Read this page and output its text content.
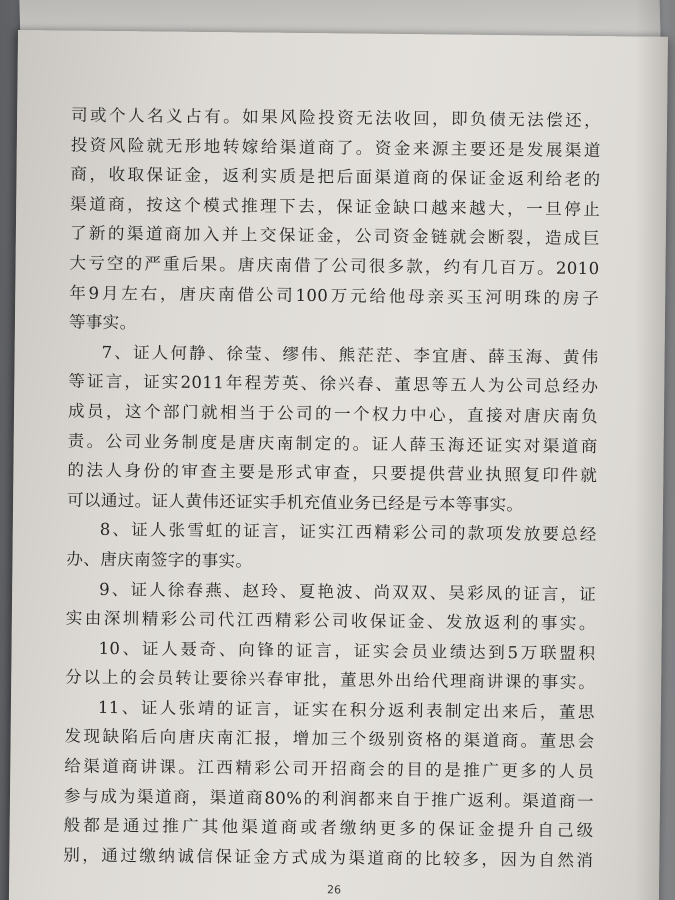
司或个人名义占有。如果风险投资无法收回，即负债无法偿还，
投资风险就无形地转嫁给渠道商了。资金来源主要还是发展渠道
商，收取保证金，返利实质是把后面渠道商的保证金返利给老的
渠道商，按这个模式推理下去，保证金缺口越来越大，一旦停止
了新的渠道商加入并上交保证金，公司资金链就会断裂，造成巨
大亏空的严重后果。唐庆南借了公司很多款，约有几百万。2010
年9月左右，唐庆南借公司100万元给他母亲买玉河明珠的房子
等事实。
7、证人何静、徐莹、缪伟、熊茫茫、李宜唐、薛玉海、黄伟
等证言，证实2011年程芳英、徐兴春、董思等五人为公司总经办
成员，这个部门就相当于公司的一个权力中心，直接对唐庆南负
责。公司业务制度是唐庆南制定的。证人薛玉海还证实对渠道商
的法人身份的审查主要是形式审查，只要提供营业执照复印件就
可以通过。证人黄伟还证实手机充值业务已经是亏本等事实。
8、证人张雪虹的证言，证实江西精彩公司的款项发放要总经
办、唐庆南签字的事实。
9、证人徐春燕、赵玲、夏艳波、尚双双、吴彩凤的证言，证
实由深圳精彩公司代江西精彩公司收保证金、发放返利的事实。
10、证人聂奇、向锋的证言，证实会员业绩达到5万联盟积
分以上的会员转让要徐兴春审批，董思外出给代理商讲课的事实。
11、证人张靖的证言，证实在积分返利表制定出来后，董思
发现缺陷后向唐庆南汇报，增加三个级别资格的渠道商。董思会
给渠道商讲课。江西精彩公司开招商会的目的是推广更多的人员
参与成为渠道商，渠道商80%的利润都来自于推广返利。渠道商一
般都是通过推广其他渠道商或者缴纳更多的保证金提升自己级
别，通过缴纳诚信保证金方式成为渠道商的比较多，因为自然消
26
